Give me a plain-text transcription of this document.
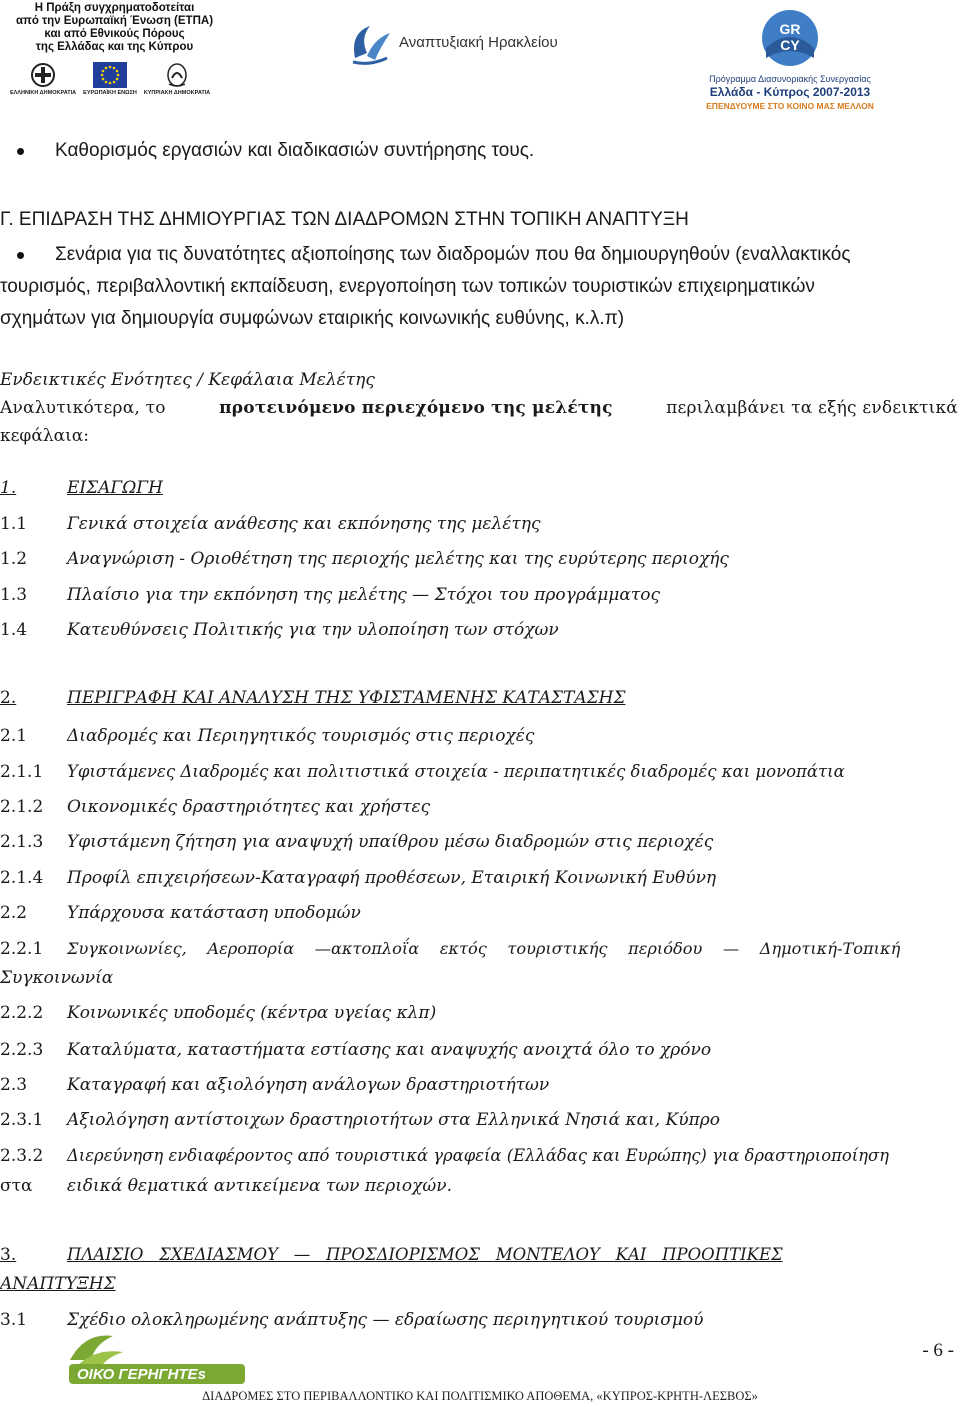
Η Πράξη συγχρηματοδοτείται
από την Ευρωπαϊκή Ένωση (ΕΤΠΑ)
και από Εθνικούς Πόρους
της Ελλάδας και της Κύπρου
ΕΛΛΗΝΙΚΗ ΔΗΜΟΚΡΑΤΙΑ ΕΥΡΩΠΑΪΚΗ ΕΝΩΣΗ ΚΥΠΡΙΑΚΗ ΔΗΜΟΚΡΑΤΙΑ
Αναπτυξιακή Ηρακλείου
GR
CY
Πρόγραμμα Διασυνοριακής Συνεργασίας
Ελλάδα - Κύπρος 2007-2013
ΕΠΕΝΔΥΟΥΜΕ ΣΤΟ ΚΟΙΝΟ ΜΑΣ ΜΕΛΛΟΝ
Καθορισμός εργασιών και διαδικασιών συντήρησης τους.
Γ. ΕΠΙΔΡΑΣΗ ΤΗΣ ΔΗΜΙΟΥΡΓΙΑΣ ΤΩΝ ΔΙΑΔΡΟΜΩΝ ΣΤΗΝ ΤΟΠΙΚΗ ΑΝΑΠΤΥΞΗ
Σενάρια για τις δυνατότητες αξιοποίησης των διαδρομών που θα δημιουργηθούν (εναλλακτικός
τουρισμός, περιβαλλοντική εκπαίδευση, ενεργοποίηση των τοπικών τουριστικών επιχειρηματικών
σχημάτων για δημιουργία συμφώνων εταιρικής κοινωνικής ευθύνης, κ.λ.π)
Ενδεικτικές Ενότητες / Κεφάλαια Μελέτης
Αναλυτικότερα, το	προτεινόμενο περιεχόμενο της μελέτης	περιλαμβάνει τα εξής ενδεικτικά
κεφάλαια:
1.	ΕΙΣΑΓΩΓΗ
1.1 Γενικά στοιχεία ανάθεσης και εκπόνησης της μελέτης
1.2 Αναγνώριση - Οριοθέτηση της περιοχής μελέτης και της ευρύτερης περιοχής
1.3 Πλαίσιο για την εκπόνηση της μελέτης — Στόχοι του προγράμματος
1.4 Κατευθύνσεις Πολιτικής για την υλοποίηση των στόχων
2.	ΠΕΡΙΓΡΑΦΗ ΚΑΙ ΑΝΑΛΥΣΗ ΤΗΣ ΥΦΙΣΤΑΜΕΝΗΣ ΚΑΤΑΣΤΑΣΗΣ
2.1 Διαδρομές και Περιηγητικός τουρισμός στις περιοχές
2.1.1 Υφιστάμενες Διαδρομές και πολιτιστικά στοιχεία - περιπατητικές διαδρομές και μονοπάτια
2.1.2 Οικονομικές δραστηριότητες και χρήστες
2.1.3 Υφιστάμενη ζήτηση για αναψυχή υπαίθρου μέσω διαδρομών στις περιοχές
2.1.4 Προφίλ επιχειρήσεων-Καταγραφή προθέσεων, Εταιρική Κοινωνική Ευθύνη
2.2 Υπάρχουσα κατάσταση υποδομών
2.2.1 Συγκοινωνίες,    Αεροπορία    —ακτοπλοΐα    εκτός    τουριστικής    περιόδου    —    Δημοτική-Τοπική
Συγκοινωνία
2.2.2 Κοινωνικές υποδομές (κέντρα υγείας κλπ)
2.2.3 Καταλύματα, καταστήματα εστίασης και αναψυχής ανοιχτά όλο το χρόνο
2.3 Καταγραφή και αξιολόγηση ανάλογων δραστηριοτήτων
2.3.1 Αξιολόγηση αντίστοιχων δραστηριοτήτων στα Ελληνικά Νησιά και, Κύπρο
2.3.2 Διερεύνηση ενδιαφέροντος από τουριστικά γραφεία (Ελλάδας και Ευρώπης) για δραστηριοποίηση
στα ειδικά θεματικά αντικείμενα των περιοχών.
3.	ΠΛΑΙΣΙΟ   ΣΧΕΔΙΑΣΜΟΥ   —   ΠΡΟΣΔΙΟΡΙΣΜΟΣ   ΜΟΝΤΕΛΟΥ   ΚΑΙ   ΠΡΟΟΠΤΙΚΕΣ
ΑΝΑΠΤΥΞΗΣ
3.1 Σχέδιο ολοκληρωμένης ανάπτυξης — εδραίωσης περιηγητικού τουρισμού
ΟΙΚΟ ΓΕΡΗΓΗΤΕs
- 6 -
ΔΙΑΔΡΟΜΕΣ ΣΤΟ ΠΕΡΙΒΑΛΛΟΝΤΙΚΟ ΚΑΙ ΠΟΛΙΤΙΣΜΙΚΟ ΑΠΟΘΕΜΑ, «ΚΥΠΡΟΣ-ΚΡΗΤΗ-ΛΕΣΒΟΣ»
